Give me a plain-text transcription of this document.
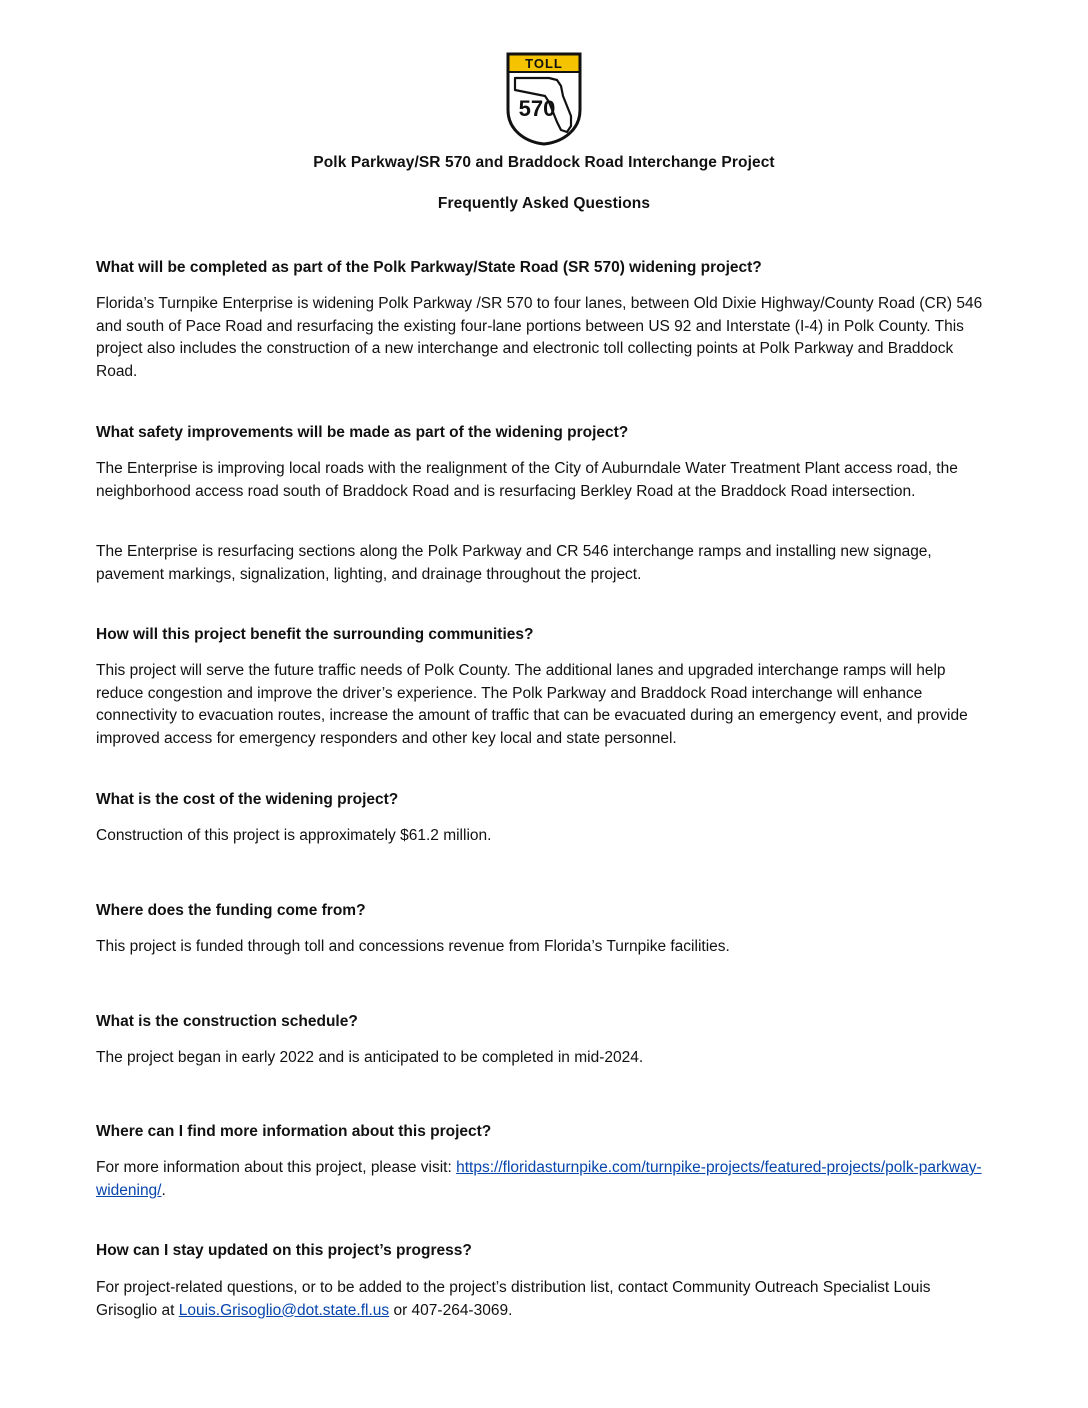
TOLL
570
Polk Parkway/SR 570 and Braddock Road Interchange Project
Frequently Asked Questions
What will be completed as part of the Polk Parkway/State Road (SR 570) widening project?
Florida’s Turnpike Enterprise is widening Polk Parkway /SR 570 to four lanes, between Old Dixie Highway/County Road (CR) 546 and south of Pace Road and resurfacing the existing four-lane portions between US 92 and Interstate (I-4) in Polk County. This project also includes the construction of a new interchange and electronic toll collecting points at Polk Parkway and Braddock Road.
What safety improvements will be made as part of the widening project?
The Enterprise is improving local roads with the realignment of the City of Auburndale Water Treatment Plant access road, the neighborhood access road south of Braddock Road and is resurfacing Berkley Road at the Braddock Road intersection.
The Enterprise is resurfacing sections along the Polk Parkway and CR 546 interchange ramps and installing new signage, pavement markings, signalization, lighting, and drainage throughout the project.
How will this project benefit the surrounding communities?
This project will serve the future traffic needs of Polk County. The additional lanes and upgraded interchange ramps will help reduce congestion and improve the driver’s experience. The Polk Parkway and Braddock Road interchange will enhance connectivity to evacuation routes, increase the amount of traffic that can be evacuated during an emergency event, and provide improved access for emergency responders and other key local and state personnel.
What is the cost of the widening project?
Construction of this project is approximately $61.2 million.
Where does the funding come from?
This project is funded through toll and concessions revenue from Florida’s Turnpike facilities.
What is the construction schedule?
The project began in early 2022 and is anticipated to be completed in mid-2024.
Where can I find more information about this project?
For more information about this project, please visit: https://floridasturnpike.com/turnpike-projects/featured-projects/polk-parkway-widening/.
How can I stay updated on this project’s progress?
For project-related questions, or to be added to the project’s distribution list, contact Community Outreach Specialist Louis Grisoglio at Louis.Grisoglio@dot.state.fl.us or 407-264-3069.
